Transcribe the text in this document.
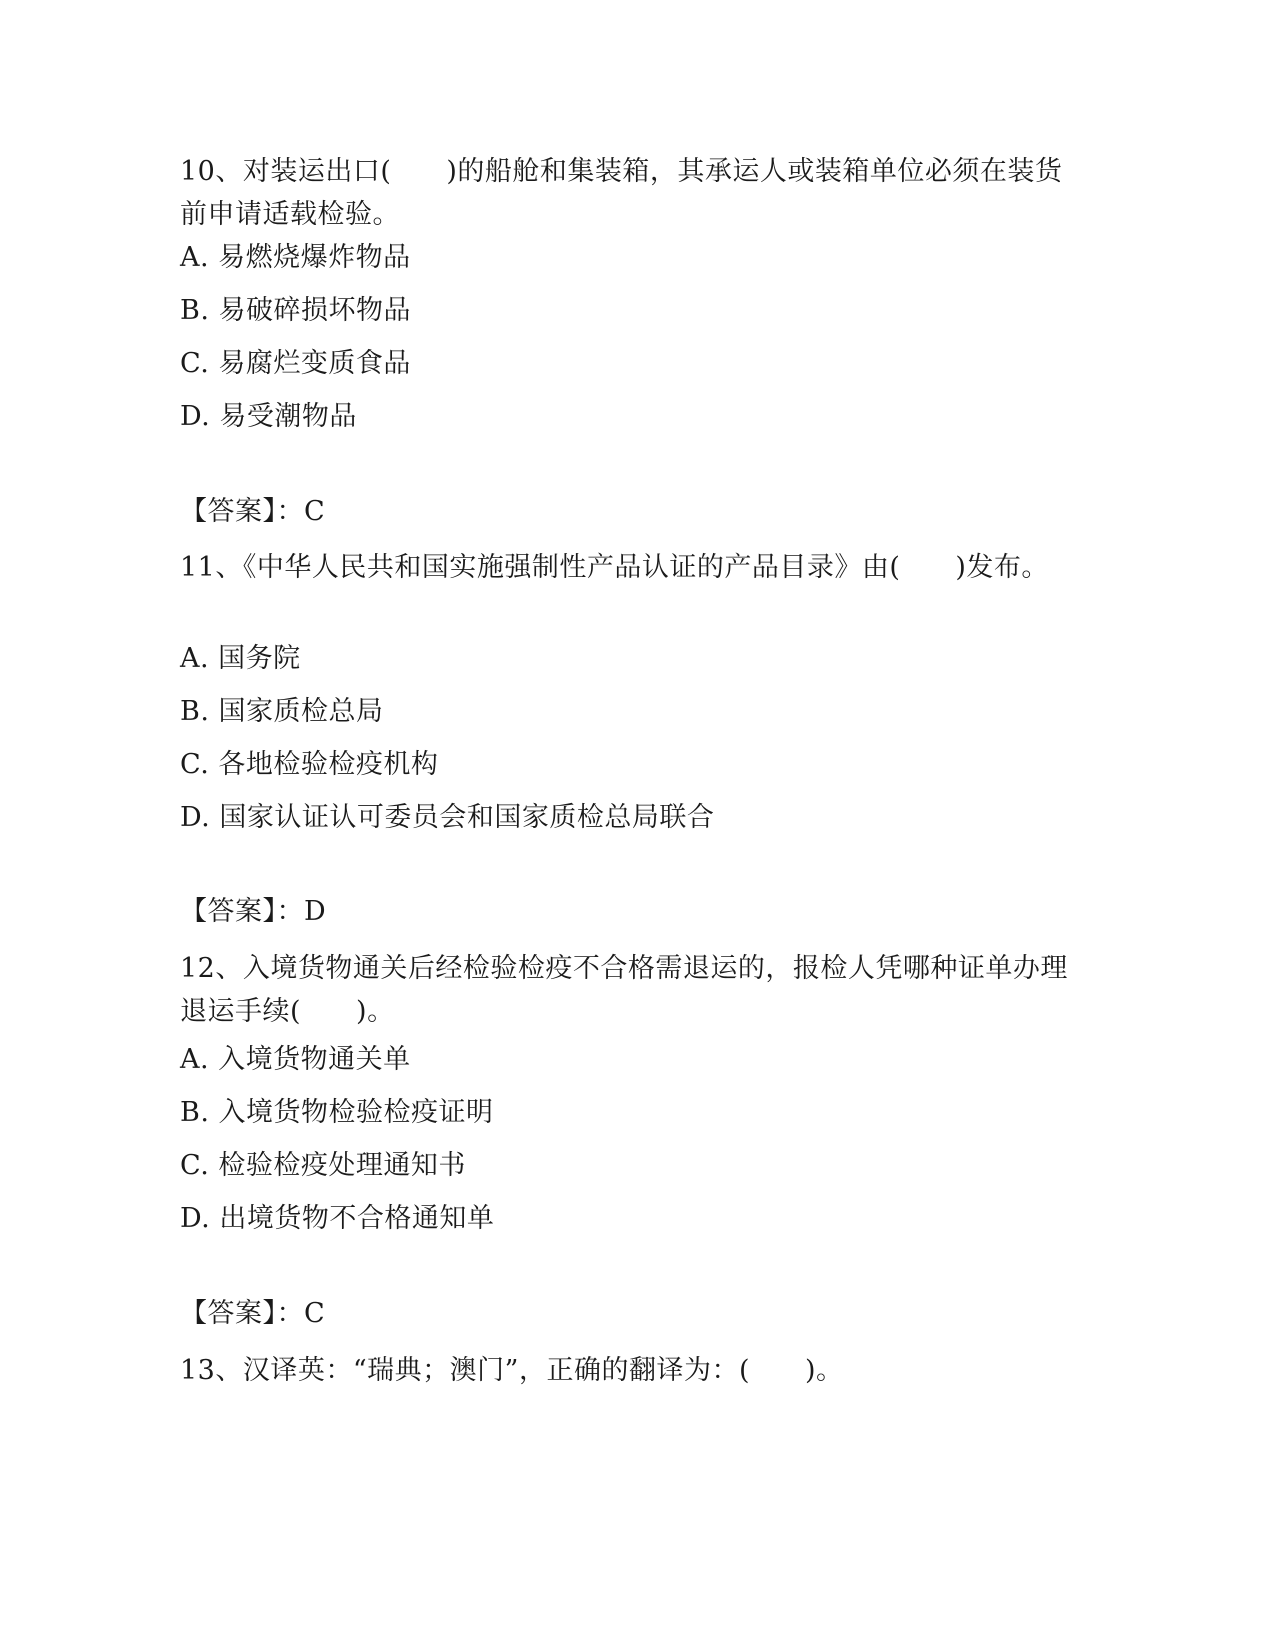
10、对装运出口(　　)的船舱和集装箱，其承运人或装箱单位必须在装货前申请适载检验。

A. 易燃烧爆炸物品

B. 易破碎损坏物品

C. 易腐烂变质食品

D. 易受潮物品

【答案】：C

11、《中华人民共和国实施强制性产品认证的产品目录》由(　　)发布。

A. 国务院

B. 国家质检总局

C. 各地检验检疫机构

D. 国家认证认可委员会和国家质检总局联合

【答案】：D

12、入境货物通关后经检验检疫不合格需退运的，报检人凭哪种证单办理退运手续(　　)。

A. 入境货物通关单

B. 入境货物检验检疫证明

C. 检验检疫处理通知书

D. 出境货物不合格通知单

【答案】：C

13、汉译英：“瑞典；澳门”，正确的翻译为：(　　)。
